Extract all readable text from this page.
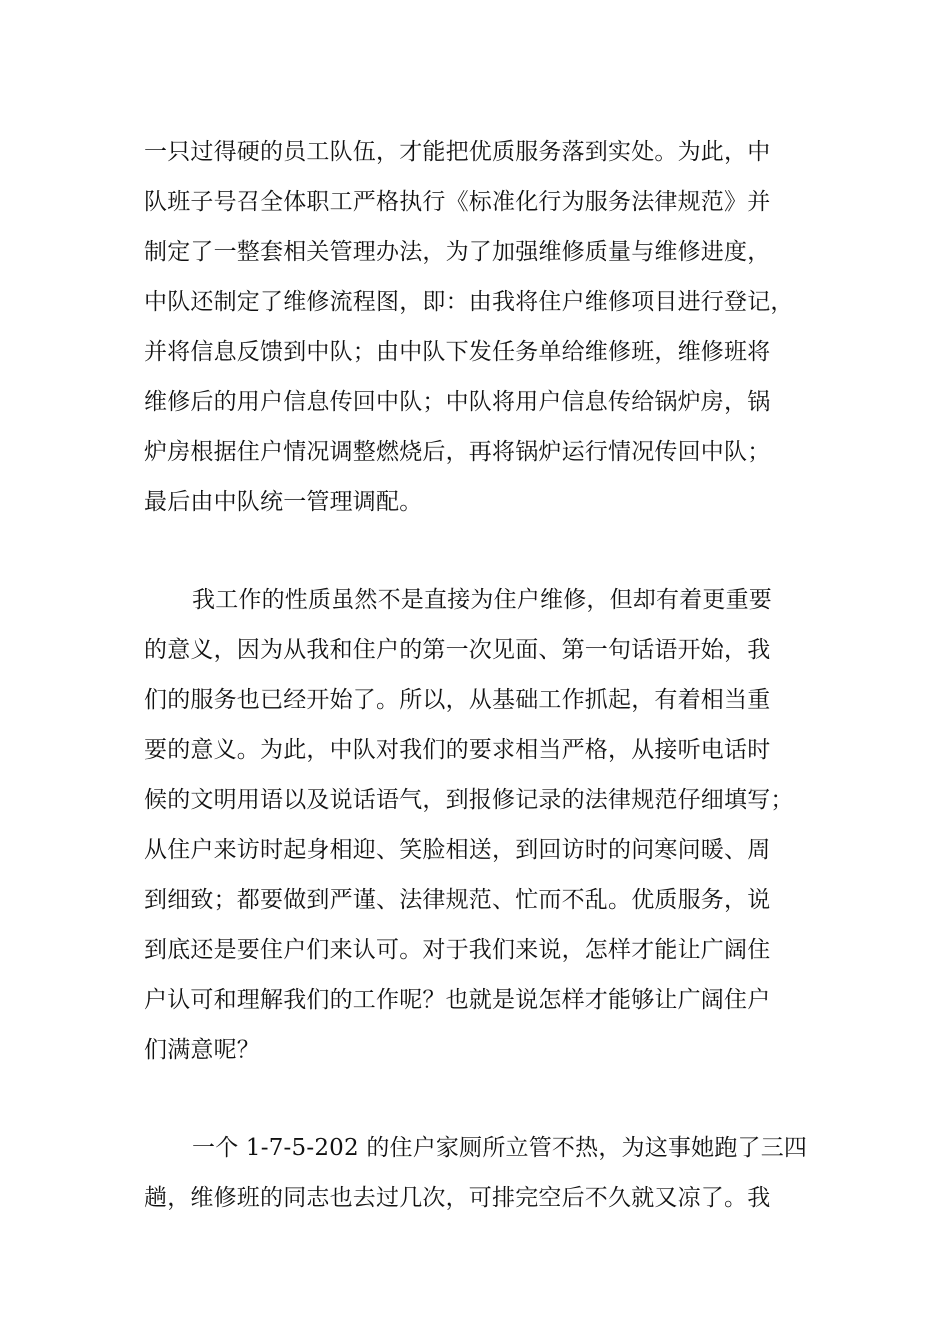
一只过得硬的员工队伍，才能把优质服务落到实处。为此，中
队班子号召全体职工严格执行《标准化行为服务法律规范》并
制定了一整套相关管理办法，为了加强维修质量与维修进度，
中队还制定了维修流程图，即：由我将住户维修项目进行登记，
并将信息反馈到中队；由中队下发任务单给维修班，维修班将
维修后的用户信息传回中队；中队将用户信息传给锅炉房，锅
炉房根据住户情况调整燃烧后，再将锅炉运行情况传回中队；
最后由中队统一管理调配。
我工作的性质虽然不是直接为住户维修，但却有着更重要
的意义，因为从我和住户的第一次见面、第一句话语开始，我
们的服务也已经开始了。所以，从基础工作抓起，有着相当重
要的意义。为此，中队对我们的要求相当严格，从接听电话时
候的文明用语以及说话语气，到报修记录的法律规范仔细填写；
从住户来访时起身相迎、笑脸相送，到回访时的问寒问暖、周
到细致；都要做到严谨、法律规范、忙而不乱。优质服务，说
到底还是要住户们来认可。对于我们来说，怎样才能让广阔住
户认可和理解我们的工作呢？也就是说怎样才能够让广阔住户
们满意呢？
一个 1-7-5-202 的住户家厕所立管不热，为这事她跑了三四
趟，维修班的同志也去过几次，可排完空后不久就又凉了。我
